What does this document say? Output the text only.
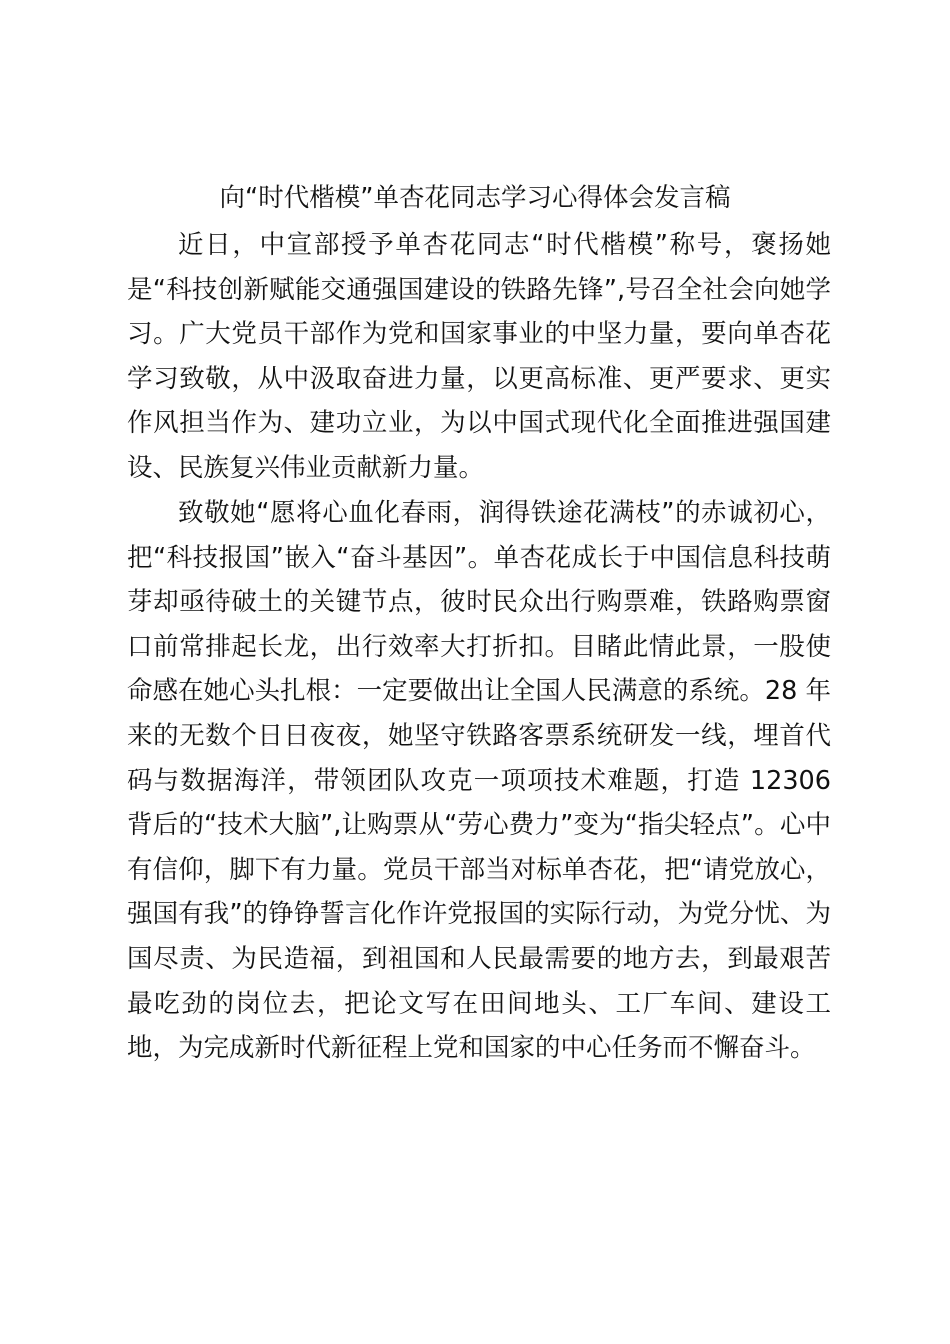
向“时代楷模”单杏花同志学习心得体会发言稿

近日，中宣部授予单杏花同志“时代楷模”称号，褒扬她是“科技创新赋能交通强国建设的铁路先锋”,号召全社会向她学习。广大党员干部作为党和国家事业的中坚力量，要向单杏花学习致敬，从中汲取奋进力量，以更高标准、更严要求、更实作风担当作为、建功立业，为以中国式现代化全面推进强国建设、民族复兴伟业贡献新力量。

致敬她“愿将心血化春雨，润得铁途花满枝”的赤诚初心，把“科技报国”嵌入“奋斗基因”。单杏花成长于中国信息科技萌芽却亟待破土的关键节点，彼时民众出行购票难，铁路购票窗口前常排起长龙，出行效率大打折扣。目睹此情此景，一股使命感在她心头扎根：一定要做出让全国人民满意的系统。28 年来的无数个日日夜夜，她坚守铁路客票系统研发一线，埋首代码与数据海洋，带领团队攻克一项项技术难题，打造 12306 背后的“技术大脑”,让购票从“劳心费力”变为“指尖轻点”。心中有信仰，脚下有力量。党员干部当对标单杏花，把“请党放心，强国有我”的铮铮誓言化作许党报国的实际行动，为党分忧、为国尽责、为民造福，到祖国和人民最需要的地方去，到最艰苦最吃劲的岗位去，把论文写在田间地头、工厂车间、建设工地，为完成新时代新征程上党和国家的中心任务而不懈奋斗。
